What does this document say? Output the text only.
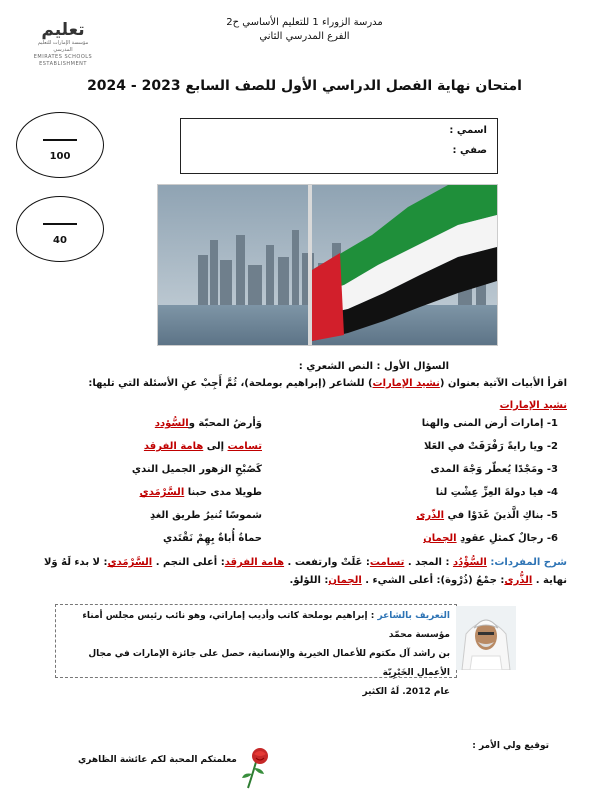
مدرسة الزوراء 1 للتعليم الأساسي ح2
الفرع المدرسي الثاني
تعليم
مؤسسة الإمارات للتعليم المدرسي
EMIRATES SCHOOLS
ESTABLISHMENT
امتحان نهاية الفصل الدراسي الأول للصف السابع 2023 - 2024
100
40
اسمي :
صفي :
السؤال الأول : النص الشعري :
اقرأ الأبيات الآتية بعنوان (نشيد الإمارات) للشاعر (إبراهيم بوملحة)، ثُمَّ أَجِبْ عنِ الأسئلة التي تليها:
نشيد الإمارات
1- إمارات أرض المنى والهنا
وَأرضُ المحبّة والسُّؤدد
2- ويا رايةً رَفْرَفَتْ في العَلا
تسامت إلى هامة الفرقد
3- ومَجْدًا يُعطّر وَجْهَ المدى
كَصُبْحِ الزهور الجميل الندي
4- فيا دولةَ العِزِّ عِشْتِ لنا
طويلا مدى حبنا السَّرْمَدي
5- بناكِ الَّذينَ غَدَوْا في الذّرى
شموسًا تُنيرُ طريق الغدِ
6- رجالٌ كمثلِ عقودِ الجمان
حماةُ أُباةٌ بِهِمْ نَقْتَدي
شرح المفردات: السُّؤْدُد : المجد . تسامت: عَلَتْ وارتفعت . هامة الفرقد: أعلى النجم . السَّرْمَدي: لا بدء لَهُ وَلا
نهاية . الذُّرى: جمْعُ (ذُرْوة): أعلى الشيء . الجمان: اللؤلؤ.
التعريف بالشاعر : إبراهيم بوملحة كاتب وأديب إماراتي، وهو نائب رئيس مجلس أمناء مؤسسة محمّد
بن راشد آل مكتوم للأعمال الخيرية والإنسانية، حصل على جائزة الإمارات في مجال الأعمال الخَيْرِيّة
عام 2012. لَهُ الكثير
توقيع ولي الأمر :
معلمتكم المحبة لكم عائشة الظاهري
